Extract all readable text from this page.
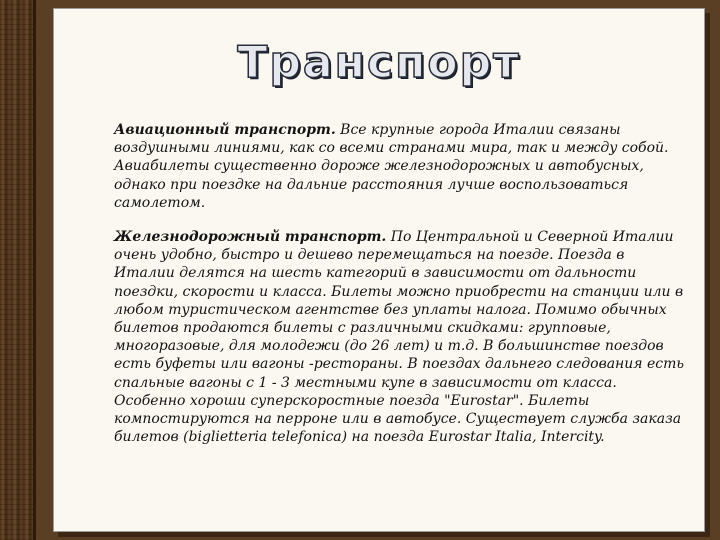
Транспорт

Авиационный транспорт. Все крупные города Италии связаны воздушными линиями, как со всеми странами мира, так и между собой. Авиабилеты существенно дороже железнодорожных и автобусных, однако при поездке на дальние расстояния лучше воспользоваться самолетом.

Железнодорожный транспорт. По Центральной и Северной Италии очень удобно, быстро и дешево перемещаться на поезде. Поезда в Италии делятся на шесть категорий в зависимости от дальности поездки, скорости и класса. Билеты можно приобрести на станции или в любом туристическом агентстве без уплаты налога. Помимо обычных билетов продаются билеты с различными скидками: групповые, многоразовые, для молодежи (до 26 лет) и т.д. В большинстве поездов есть буфеты или вагоны -рестораны. В поездах дальнего следования есть спальные вагоны с 1 - 3 местными купе в зависимости от класса. Особенно хороши суперскоростные поезда "Eurostar". Билеты компостируются на перроне или в автобусе. Существует служба заказа билетов (biglietteria telefonica) на поезда Eurostar Italia, Intercity.
